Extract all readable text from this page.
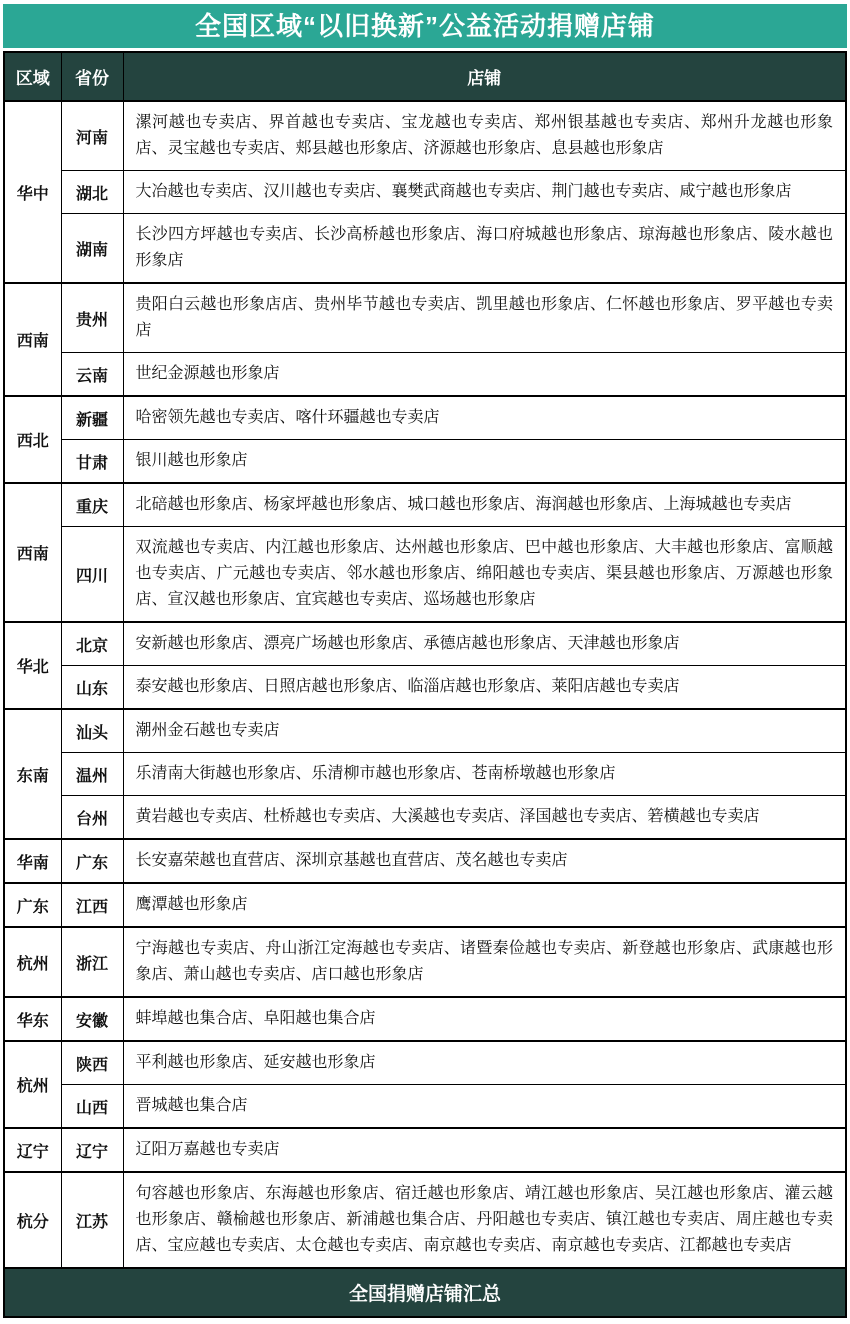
全国区域“以旧换新”公益活动捐赠店铺
区域	省份	店铺
华中	河南	漯河越也专卖店、界首越也专卖店、宝龙越也专卖店、郑州银基越也专卖店、郑州升龙越也形象店、灵宝越也专卖店、郏县越也形象店、济源越也形象店、息县越也形象店
	湖北	大冶越也专卖店、汉川越也专卖店、襄樊武商越也专卖店、荆门越也专卖店、咸宁越也形象店
	湖南	长沙四方坪越也专卖店、长沙高桥越也形象店、海口府城越也形象店、琼海越也形象店、陵水越也形象店
西南	贵州	贵阳白云越也形象店店、贵州毕节越也专卖店、凯里越也形象店、仁怀越也形象店、罗平越也专卖店
	云南	世纪金源越也形象店
西北	新疆	哈密领先越也专卖店、喀什环疆越也专卖店
	甘肃	银川越也形象店
西南	重庆	北碚越也形象店、杨家坪越也形象店、城口越也形象店、海润越也形象店、上海城越也专卖店
	四川	双流越也专卖店、内江越也形象店、达州越也形象店、巴中越也形象店、大丰越也形象店、富顺越也专卖店、广元越也专卖店、邻水越也形象店、绵阳越也专卖店、渠县越也形象店、万源越也形象店、宣汉越也形象店、宜宾越也专卖店、巡场越也形象店
华北	北京	安新越也形象店、漂亮广场越也形象店、承德店越也形象店、天津越也形象店
	山东	泰安越也形象店、日照店越也形象店、临淄店越也形象店、莱阳店越也专卖店
东南	汕头	潮州金石越也专卖店
	温州	乐清南大街越也形象店、乐清柳市越也形象店、苍南桥墩越也形象店
	台州	黄岩越也专卖店、杜桥越也专卖店、大溪越也专卖店、泽国越也专卖店、箬横越也专卖店
华南	广东	长安嘉荣越也直营店、深圳京基越也直营店、茂名越也专卖店
广东	江西	鹰潭越也形象店
杭州	浙江	宁海越也专卖店、舟山浙江定海越也专卖店、诸暨秦俭越也专卖店、新登越也形象店、武康越也形象店、萧山越也专卖店、店口越也形象店
华东	安徽	蚌埠越也集合店、阜阳越也集合店
杭州	陕西	平利越也形象店、延安越也形象店
	山西	晋城越也集合店
辽宁	辽宁	辽阳万嘉越也专卖店
杭分	江苏	句容越也形象店、东海越也形象店、宿迁越也形象店、靖江越也形象店、吴江越也形象店、灌云越也形象店、赣榆越也形象店、新浦越也集合店、丹阳越也专卖店、镇江越也专卖店、周庄越也专卖店、宝应越也专卖店、太仓越也专卖店、南京越也专卖店、南京越也专卖店、江都越也专卖店
全国捐赠店铺汇总		
